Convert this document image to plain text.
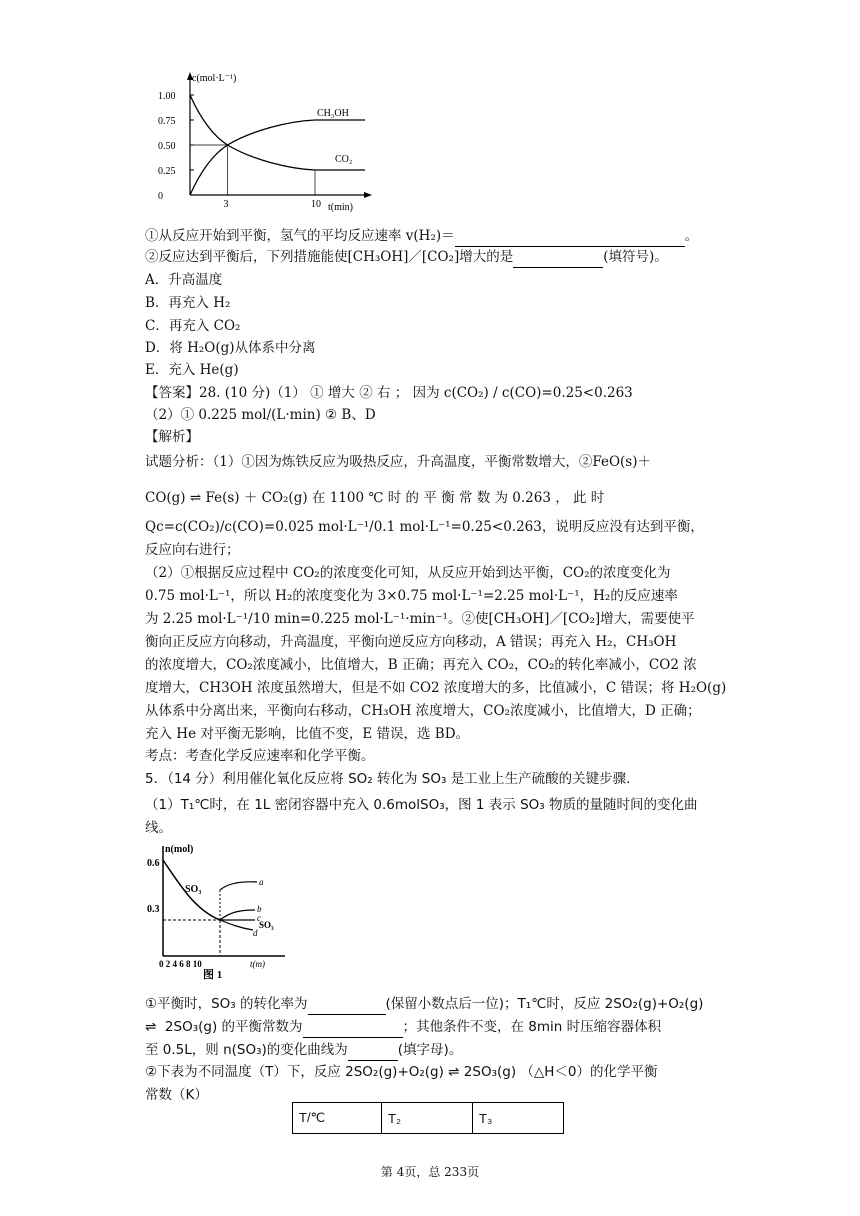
c(mol·L⁻¹)
t(min)
1.00
0.75
0.50
0.25
0
3	10
CH₃OH
CO₂
①从反应开始到平衡，氢气的平均反应速率 v(H₂)＝	。
②反应达到平衡后，下列措施能使[CH₃OH]／[CO₂]增大的是	(填符号)。
A．升高温度
B．再充入 H₂
C．再充入 CO₂
D．将 H₂O(g)从体系中分离
E．充入 He(g)
【答案】28. (10 分)（1） ① 增大 ② 右 ； 因为 c(CO₂) / c(CO)=0.25<0.263
（2）① 0.225 mol/(L·min) ② B、D
【解析】
试题分析：（1）①因为炼铁反应为吸热反应，升高温度，平衡常数增大，②FeO(s)＋
CO(g) ⇌ Fe(s) ＋ CO₂(g) 在 1100 ℃ 时 的 平 衡 常 数 为 0.263 ， 此 时
Qc=c(CO₂)/c(CO)=0.025 mol·L⁻¹/0.1 mol·L⁻¹=0.25<0.263，说明反应没有达到平衡，
反应向右进行；
（2）①根据反应过程中 CO₂的浓度变化可知，从反应开始到达平衡，CO₂的浓度变化为
0.75 mol·L⁻¹，所以 H₂的浓度变化为 3×0.75 mol·L⁻¹=2.25 mol·L⁻¹，H₂的反应速率
为 2.25 mol·L⁻¹/10 min=0.225 mol·L⁻¹·min⁻¹。②使[CH₃OH]／[CO₂]增大，需要使平
衡向正反应方向移动，升高温度，平衡向逆反应方向移动，A 错误；再充入 H₂，CH₃OH
的浓度增大，CO₂浓度减小，比值增大，B 正确；再充入 CO₂，CO₂的转化率减小，CO2 浓
度增大，CH3OH 浓度虽然增大，但是不如 CO2 浓度增大的多，比值减小，C 错误；将 H₂O(g)
从体系中分离出来，平衡向右移动，CH₃OH 浓度增大，CO₂浓度减小，比值增大，D 正确；
充入 He 对平衡无影响，比值不变，E 错误，选 BD。
考点：考查化学反应速率和化学平衡。
5．（14 分）利用催化氧化反应将 SO₂ 转化为 SO₃ 是工业上生产硫酸的关键步骤.
（1）T₁℃时，在 1L 密闭容器中充入 0.6molSO₃，图 1 表示 SO₃ 物质的量随时间的变化曲
线。
n(mol)
0.6
0.3
0 2 4 6 8 10	t(m)
SO₃
a
b
c
d
SO₃
图 1
①平衡时，SO₃ 的转化率为	(保留小数点后一位)；T₁℃时，反应 2SO₂(g)+O₂(g)
⇌  2SO₃(g) 的平衡常数为	；其他条件不变，在 8min 时压缩容器体积
至 0.5L，则 n(SO₃)的变化曲线为	(填字母)。
②下表为不同温度（T）下，反应 2SO₂(g)+O₂(g) ⇌ 2SO₃(g) （△H＜0）的化学平衡
常数（K）
T/℃	T₂	T₃
第 4页，总 233页
